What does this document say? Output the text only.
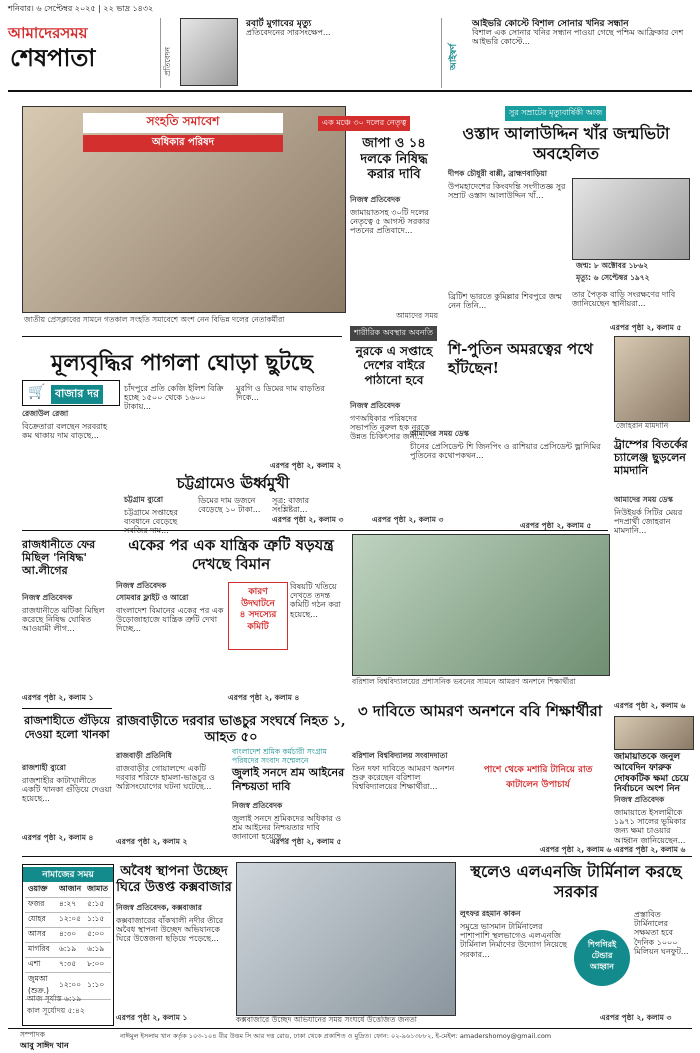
শনিবার। ৬ সেপ্টেম্বর ২০২৫ | ২২ ভাদ্র ১৪৩২
আমাদেরসময়
শেষপাতা	প্রতিবেদন
রবার্ট মুগাবের মৃত্যু
প্রতিবেদনের সারসংক্ষেপ...
আইস্বর্ণ
আইভরি কোস্টে বিশাল সোনার খনির সন্ধান
বিশাল এক সোনার খনির সন্ধান পাওয়া গেছে পশ্চিম আফ্রিকার দেশ আইভরি কোস্টে...
সংহতি সমাবেশ
অধিকার পরিষদ
জাতীয় প্রেসক্লাবের সামনে গতকাল সংহতি সমাবেশে অংশ নেন বিভিন্ন দলের নেতাকর্মীরা
এক মঞ্চে ৩০ দলের নেতৃত্ব
জাপা ও ১৪ দলকে নিষিদ্ধ করার দাবি
নিজস্ব প্রতিবেদক
জামায়াতসহ ৩০টি দলের নেতৃত্বে ৫ আগস্ট সরকার পতনের প্রতিবাদে...
আমাদের সময়
শারীরিক অবস্থার অবনতি
নুরকে এ সপ্তাহে দেশের বাইরে পাঠানো হবে
নিজস্ব প্রতিবেদক
গণঅধিকার পরিষদের সভাপতি নুরুল হক নুরকে উন্নত চিকিৎসার জন্য...
এরপর পৃষ্ঠা ২, কলাম ৩
সুর সম্রাটের মৃত্যুবার্ষিকী আজ
ওস্তাদ আলাউদ্দিন খাঁর জন্মভিটা অবহেলিত
দীপক চৌধুরী বাপ্পী, ব্রাহ্মণবাড়িয়া
উপমহাদেশের কিংবদন্তি সংগীতজ্ঞ সুর সম্রাট ওস্তাদ আলাউদ্দিন খাঁ...
জন্ম: ৮ অক্টোবর ১৮৬২
মৃত্যু: ৬ সেপ্টেম্বর ১৯৭২
ব্রিটিশ ভারতে কুমিল্লার শিবপুরে জন্ম নেন তিনি...
তার পৈতৃক বাড়ি সংরক্ষণের দাবি জানিয়েছেন স্থানীয়রা...
এরপর পৃষ্ঠা ২, কলাম ৫
মূল্যবৃদ্ধির পাগলা ঘোড়া ছুটছে
🛒 বাজার দর
রেজাউল রেজা
বিক্রেতারা বলছেন সরবরাহ কম থাকায় দাম বাড়ছে...
চাঁদপুরে প্রতি কেজি ইলিশ বিক্রি হচ্ছে ১৫০০ থেকে ১৬০০ টাকায়...
মুরগি ও ডিমের দাম বাড়তির দিকে...
এরপর পৃষ্ঠা ২, কলাম ২
চট্টগ্রামেও ঊর্ধ্বমুখী
চট্টগ্রাম ব্যুরো
চট্টগ্রামে সপ্তাহের ব্যবধানে বেড়েছে
ডিমের দাম ডজনে বেড়েছে ১০ টাকা...
সূত্র: বাজার সংশ্লিষ্টরা...
এরপর পৃষ্ঠা ২, কলাম ৩
শি-পুতিন অমরত্বের পথে হাঁটছেন!
জোহরান মামদানি
আমাদের সময় ডেস্ক
চীনের প্রেসিডেন্ট শি জিনপিং ও রাশিয়ার প্রেসিডেন্ট ভ্লাদিমির পুতিনের কথোপকথন...
এরপর পৃষ্ঠা ২, কলাম ৫
ট্রাম্পের বিতর্কের চ্যালেঞ্জ ছুড়লেন মামদানি
আমাদের সময় ডেস্ক
নিউইয়র্ক সিটির মেয়র পদপ্রার্থী জোহরান মামদানি...
এরপর পৃষ্ঠা ২, কলাম ৬
রাজধানীতে ফের মিছিল 'নিষিদ্ধ' আ.লীগের
নিজস্ব প্রতিবেদক
রাজধানীতে ঝটিকা মিছিল করেছে নিষিদ্ধ ঘোষিত আওয়ামী লীগ...
এরপর পৃষ্ঠা ২, কলাম ১
একের পর এক যান্ত্রিক ত্রুটি ষড়যন্ত্র দেখছে বিমান
নিজস্ব প্রতিবেদক
সোমবার ফ্লাইট ও আরো
বাংলাদেশ বিমানের একের পর এক উড়োজাহাজে যান্ত্রিক ত্রুটি দেখা দিচ্ছে...
বিষয়টি খতিয়ে দেখতে তদন্ত কমিটি গঠন করা হয়েছে...
কারণ
উদঘাটনে
৪ সদস্যের
কমিটি
এরপর পৃষ্ঠা ২, কলাম ৪
বরিশাল বিশ্ববিদ্যালয়ের প্রশাসনিক ভবনের সামনে আমরণ অনশনে শিক্ষার্থীরা
৩ দাবিতে আমরণ অনশনে ববি শিক্ষার্থীরা
বরিশাল বিশ্ববিদ্যালয় সংবাদদাতা
তিন দফা দাবিতে আমরণ অনশন শুরু করেছেন বরিশাল বিশ্ববিদ্যালয়ের শিক্ষার্থীরা...
পাশে থেকে মশারি টানিয়ে রাত কাটালেন উপাচার্য
এরপর পৃষ্ঠা ২, কলাম ৬
রাজশাহীতে গুঁড়িয়ে দেওয়া হলো খানকা
রাজশাহী ব্যুরো
রাজশাহীর কাটাখালীতে একটি খানকা গুঁড়িয়ে দেওয়া হয়েছে...
এরপর পৃষ্ঠা ২, কলাম ৪
রাজবাড়ীতে দরবার ভাঙচুর সংঘর্ষে নিহত ১, আহত ৫০
রাজবাড়ী প্রতিনিধি
রাজবাড়ীর গোয়ালন্দে একটি দরবার শরিফে হামলা-ভাঙচুর ও অগ্নিসংযোগের ঘটনা ঘটেছে...
এরপর পৃষ্ঠা ২, কলাম ২
বাংলাদেশ শ্রমিক কর্মচারী সংগ্রাম পরিষদের সংবাদ সম্মেলনে
জুলাই সনদে শ্রম আইনের নিশ্চয়তা দাবি
নিজস্ব প্রতিবেদক
জুলাই সনদে শ্রমিকদের অধিকার ও শ্রম আইনের নিশ্চয়তার দাবি জানানো হয়েছে...
এরপর পৃষ্ঠা ২, কলাম ৫
জামায়াতকে জনুল আবেদিন ফারুক দোষকটিক ক্ষমা চেয়ে নির্বাচনে অংশ নিন
নিজস্ব প্রতিবেদক
জামায়াতে ইসলামীকে ১৯৭১ সালের ভূমিকার জন্য ক্ষমা চাওয়ার আহ্বান জানিয়েছেন...
এরপর পৃষ্ঠা ২, কলাম ৬
নামাজের সময়
ওয়াক্ত	আজান	জামাত
ফজর	৪:২৭	৫:১৫
যোহর	১২:০৫	১:১৫
আসর	৪:৩০	৫:০০
মাগরিব	৬:১৯	৬:১৯
এশা	৭:৩৫	৮:০০
জুমআ (শুক্র.)	১২:০০	১:১০
আজ সূর্যাস্ত ৬:১৯
কাল সূর্যোদয় ৫:৪২
অবৈধ স্থাপনা উচ্ছেদ ঘিরে উত্তপ্ত কক্সবাজার
নিজস্ব প্রতিবেদক, কক্সবাজার
কক্সবাজারের বাঁকখালী নদীর তীরে অবৈধ স্থাপনা উচ্ছেদ অভিযানকে ঘিরে উত্তেজনা ছড়িয়ে পড়েছে...
এরপর পৃষ্ঠা ২, কলাম ১	কক্সবাজারে উচ্ছেদ অভিযানের সময় সংঘর্ষে উত্তেজিত জনতা
স্থলেও এলএনজি টার্মিনাল করছে সরকার
লুৎফর রহমান কাকন
সমুদ্রে ভাসমান টার্মিনালের পাশাপাশি স্থলভাগেও এলএনজি টার্মিনাল নির্মাণের উদ্যোগ নিয়েছে সরকার...
প্রস্তাবিত টার্মিনালের সক্ষমতা হবে দৈনিক ১০০০ মিলিয়ন ঘনফুট...
শিগগিরই
টেন্ডার
আহ্বান
এরপর পৃষ্ঠা ২, কলাম ৩
সম্পাদক
আবু সাঈদ খান
নাঈমুল ইসলাম খান কর্তৃক ১০৩-১০৪ বীর উত্তম সি আর দত্ত রোড, ঢাকা থেকে প্রকাশিত ও মুদ্রিত। ফোন: ০২-৯৬১৩৮৮২, ই-মেইল: amadershomoy@gmail.com
